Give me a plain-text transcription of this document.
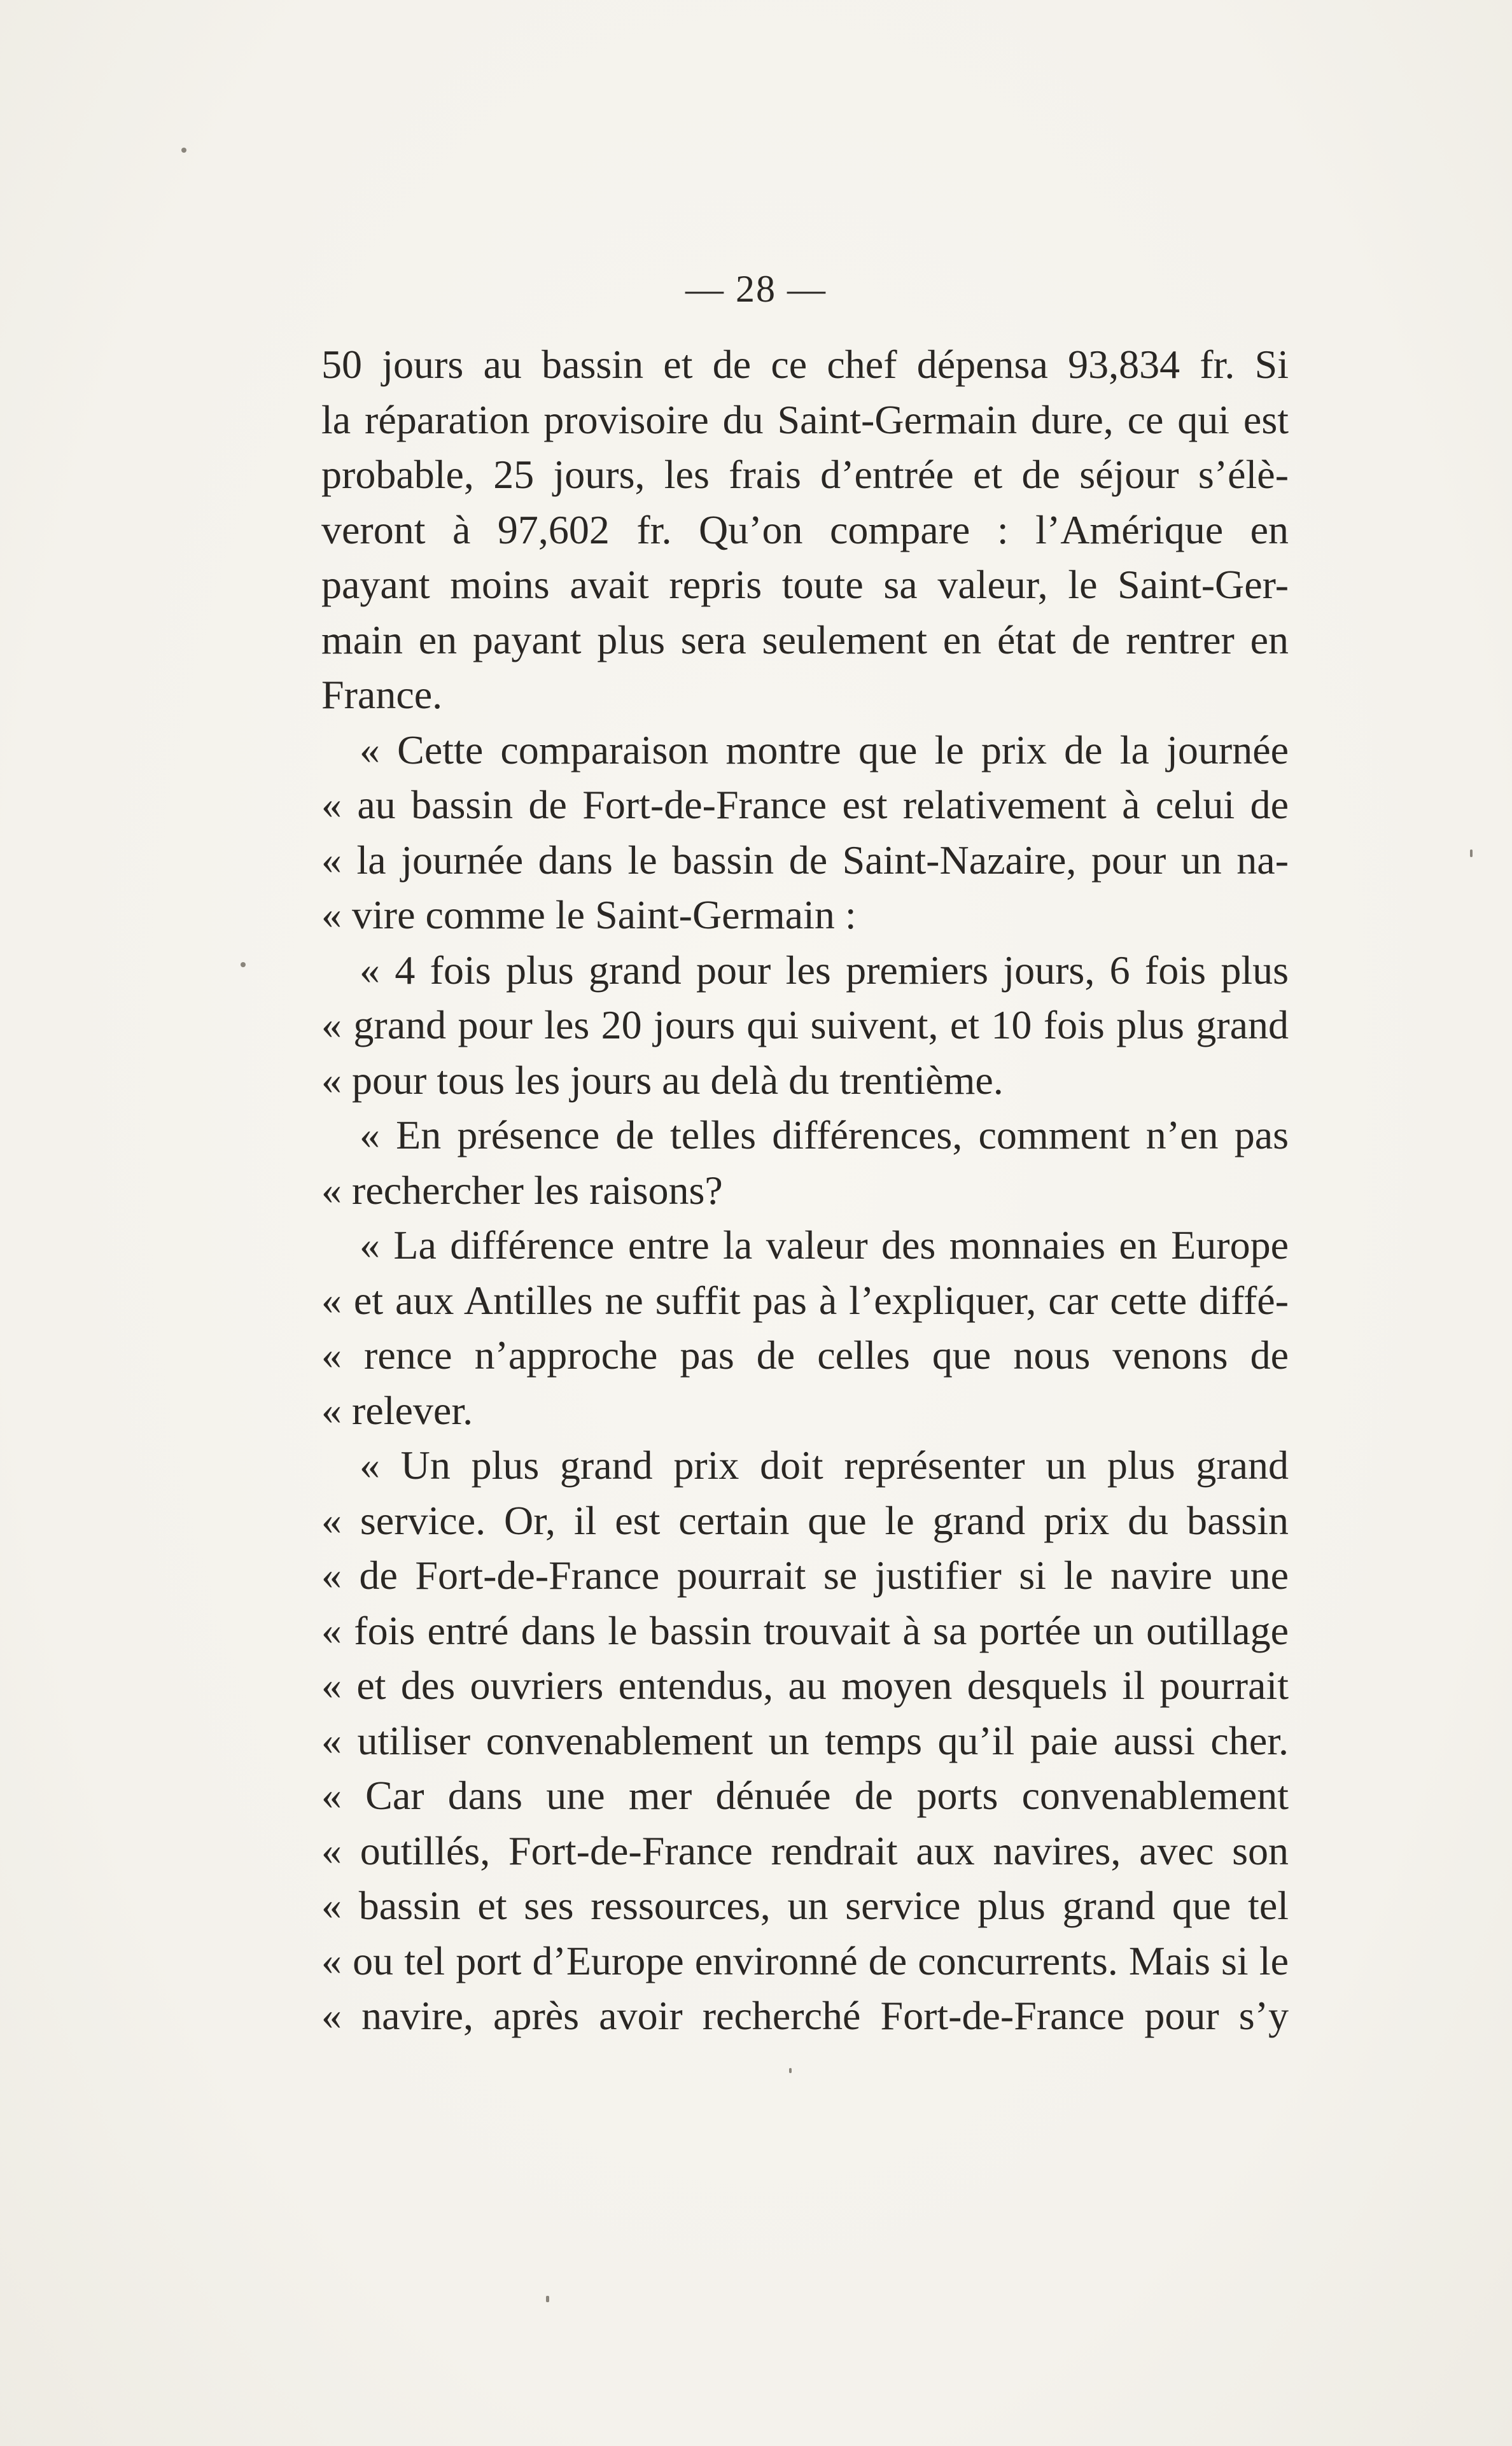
— 28 —
50 jours au bassin et de ce chef dépensa 93,834 fr. Si
la réparation provisoire du Saint-Germain dure, ce qui est
probable, 25 jours, les frais d’entrée et de séjour s’élè-
veront à 97,602 fr. Qu’on compare : l’Amérique en
payant moins avait repris toute sa valeur, le Saint-Ger-
main en payant plus sera seulement en état de rentrer en
France.
« Cette comparaison montre que le prix de la journée
« au bassin de Fort-de-France est relativement à celui de
« la journée dans le bassin de Saint-Nazaire, pour un na-
« vire comme le Saint-Germain :
« 4 fois plus grand pour les premiers jours, 6 fois plus
« grand pour les 20 jours qui suivent, et 10 fois plus grand
« pour tous les jours au delà du trentième.
« En présence de telles différences, comment n’en pas
« rechercher les raisons?
« La différence entre la valeur des monnaies en Europe
« et aux Antilles ne suffit pas à l’expliquer, car cette diffé-
« rence n’approche pas de celles que nous venons de
« relever.
« Un plus grand prix doit représenter un plus grand
« service. Or, il est certain que le grand prix du bassin
« de Fort-de-France pourrait se justifier si le navire une
« fois entré dans le bassin trouvait à sa portée un outillage
« et des ouvriers entendus, au moyen desquels il pourrait
« utiliser convenablement un temps qu’il paie aussi cher.
« Car dans une mer dénuée de ports convenablement
« outillés, Fort-de-France rendrait aux navires, avec son
« bassin et ses ressources, un service plus grand que tel
« ou tel port d’Europe environné de concurrents. Mais si le
« navire, après avoir recherché Fort-de-France pour s’y
